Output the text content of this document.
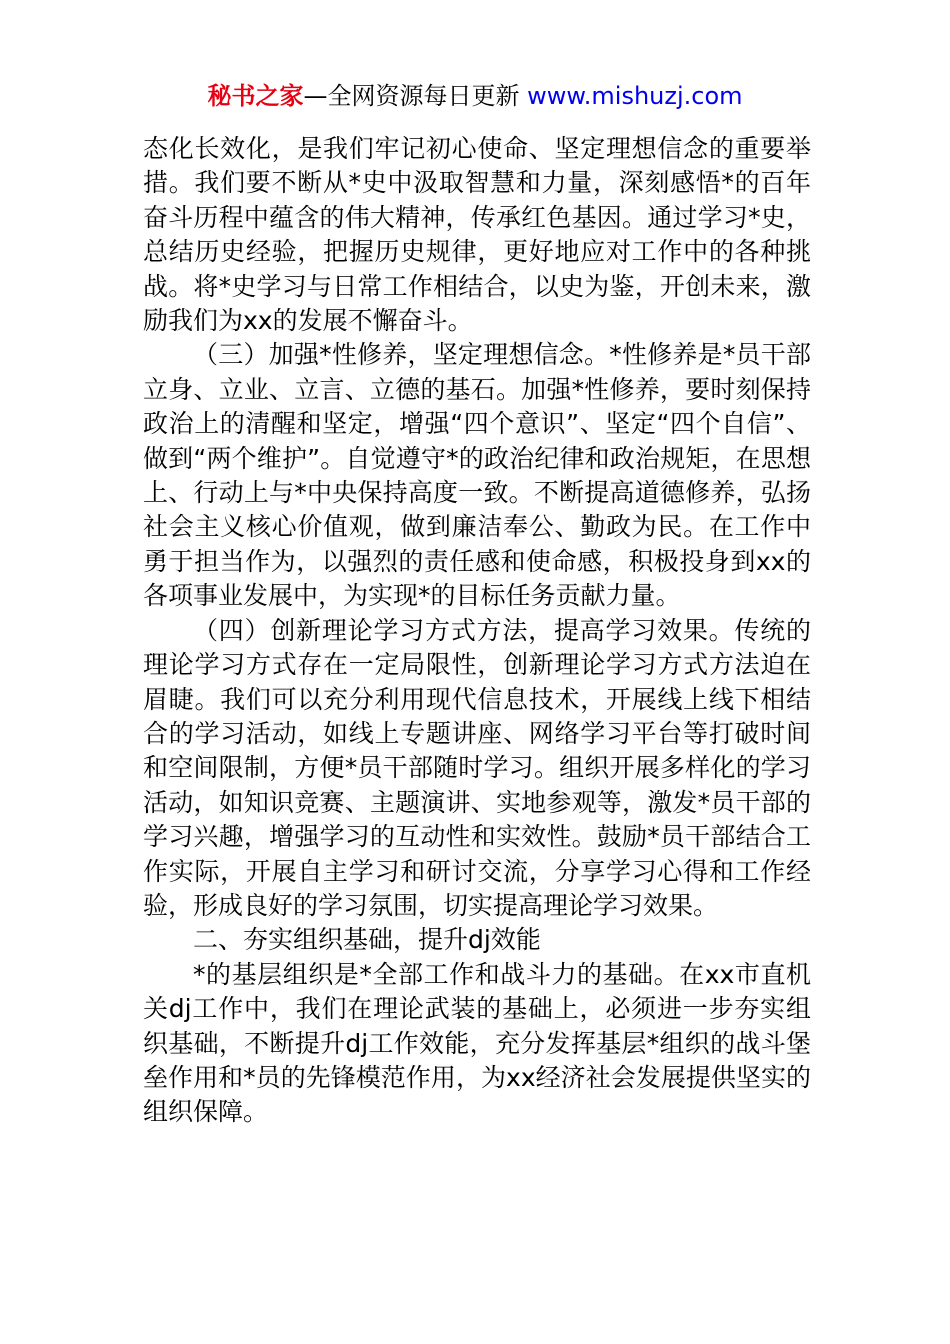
秘书之家—全网资源每日更新 www.mishuzj.com

态化长效化，是我们牢记初心使命、坚定理想信念的重要举措。我们要不断从*史中汲取智慧和力量，深刻感悟*的百年奋斗历程中蕴含的伟大精神，传承红色基因。通过学习*史，总结历史经验，把握历史规律，更好地应对工作中的各种挑战。将*史学习与日常工作相结合，以史为鉴，开创未来，激励我们为xx的发展不懈奋斗。

（三）加强*性修养，坚定理想信念。*性修养是*员干部立身、立业、立言、立德的基石。加强*性修养，要时刻保持政治上的清醒和坚定，增强“四个意识”、坚定“四个自信”、做到“两个维护”。自觉遵守*的政治纪律和政治规矩，在思想上、行动上与*中央保持高度一致。不断提高道德修养，弘扬社会主义核心价值观，做到廉洁奉公、勤政为民。在工作中勇于担当作为，以强烈的责任感和使命感，积极投身到xx的各项事业发展中，为实现*的目标任务贡献力量。

（四）创新理论学习方式方法，提高学习效果。传统的理论学习方式存在一定局限性，创新理论学习方式方法迫在眉睫。我们可以充分利用现代信息技术，开展线上线下相结合的学习活动，如线上专题讲座、网络学习平台等打破时间和空间限制，方便*员干部随时学习。组织开展多样化的学习活动，如知识竞赛、主题演讲、实地参观等，激发*员干部的学习兴趣，增强学习的互动性和实效性。鼓励*员干部结合工作实际，开展自主学习和研讨交流，分享学习心得和工作经验，形成良好的学习氛围，切实提高理论学习效果。

二、夯实组织基础，提升dj效能

*的基层组织是*全部工作和战斗力的基础。在xx市直机关dj工作中，我们在理论武装的基础上，必须进一步夯实组织基础，不断提升dj工作效能，充分发挥基层*组织的战斗堡垒作用和*员的先锋模范作用，为xx经济社会发展提供坚实的组织保障。
